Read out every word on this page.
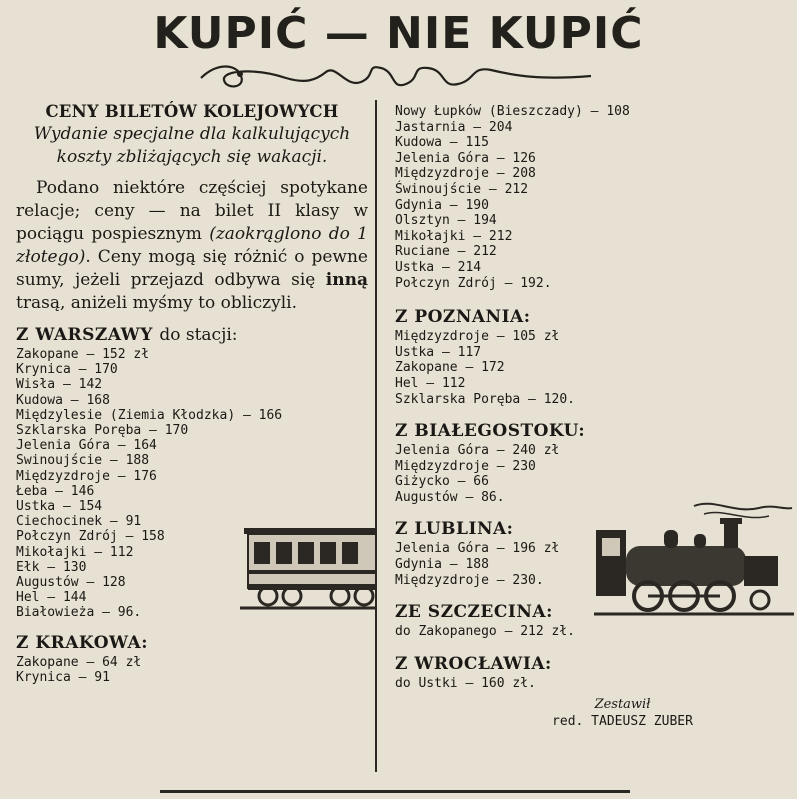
KUPIĆ — NIE KUPIĆ
CENY BILETÓW KOLEJOWYCH
Wydanie specjalne dla kalkulujących koszty zbliżających się wakacji.
Podano niektóre częściej spotykane relacje; ceny — na bilet II klasy w pociągu pospiesznym (zaokrąglono do 1 złotego). Ceny mogą się różnić o pewne sumy, jeżeli przejazd odbywa się inną trasą, aniżeli myśmy to obliczyli.
Z WARSZAWY do stacji:
Zakopane — 152 zł
Krynica — 170
Wisła — 142
Kudowa — 168
Międzylesie (Ziemia Kłodzka) — 166
Szklarska Poręba — 170
Jelenia Góra — 164
Swinoujście — 188
Międzyzdroje — 176
Łeba — 146
Ustka — 154
Ciechocinek — 91
Połczyn Zdrój — 158
Mikołajki — 112
Ełk — 130
Augustów — 128
Hel — 144
Białowieża — 96.
Z KRAKOWA:
Zakopane — 64 zł
Krynica — 91
Nowy Łupków (Bieszczady) — 108
Jastarnia — 204
Kudowa — 115
Jelenia Góra — 126
Międzyzdroje — 208
Świnoujście — 212
Gdynia — 190
Olsztyn — 194
Mikołajki — 212
Ruciane — 212
Ustka — 214
Połczyn Zdrój — 192.
Z POZNANIA:
Międzyzdroje — 105 zł
Ustka — 117
Zakopane — 172
Hel — 112
Szklarska Poręba — 120.
Z BIAŁEGOSTOKU:
Jelenia Góra — 240 zł
Międzyzdroje — 230
Giżycko — 66
Augustów — 86.
Z LUBLINA:
Jelenia Góra — 196 zł
Gdynia — 188
Międzyzdroje — 230.
ZE SZCZECINA:
do Zakopanego — 212 zł.
Z WROCŁAWIA:
do Ustki — 160 zł.
Zestawił
red. TADEUSZ ZUBER
